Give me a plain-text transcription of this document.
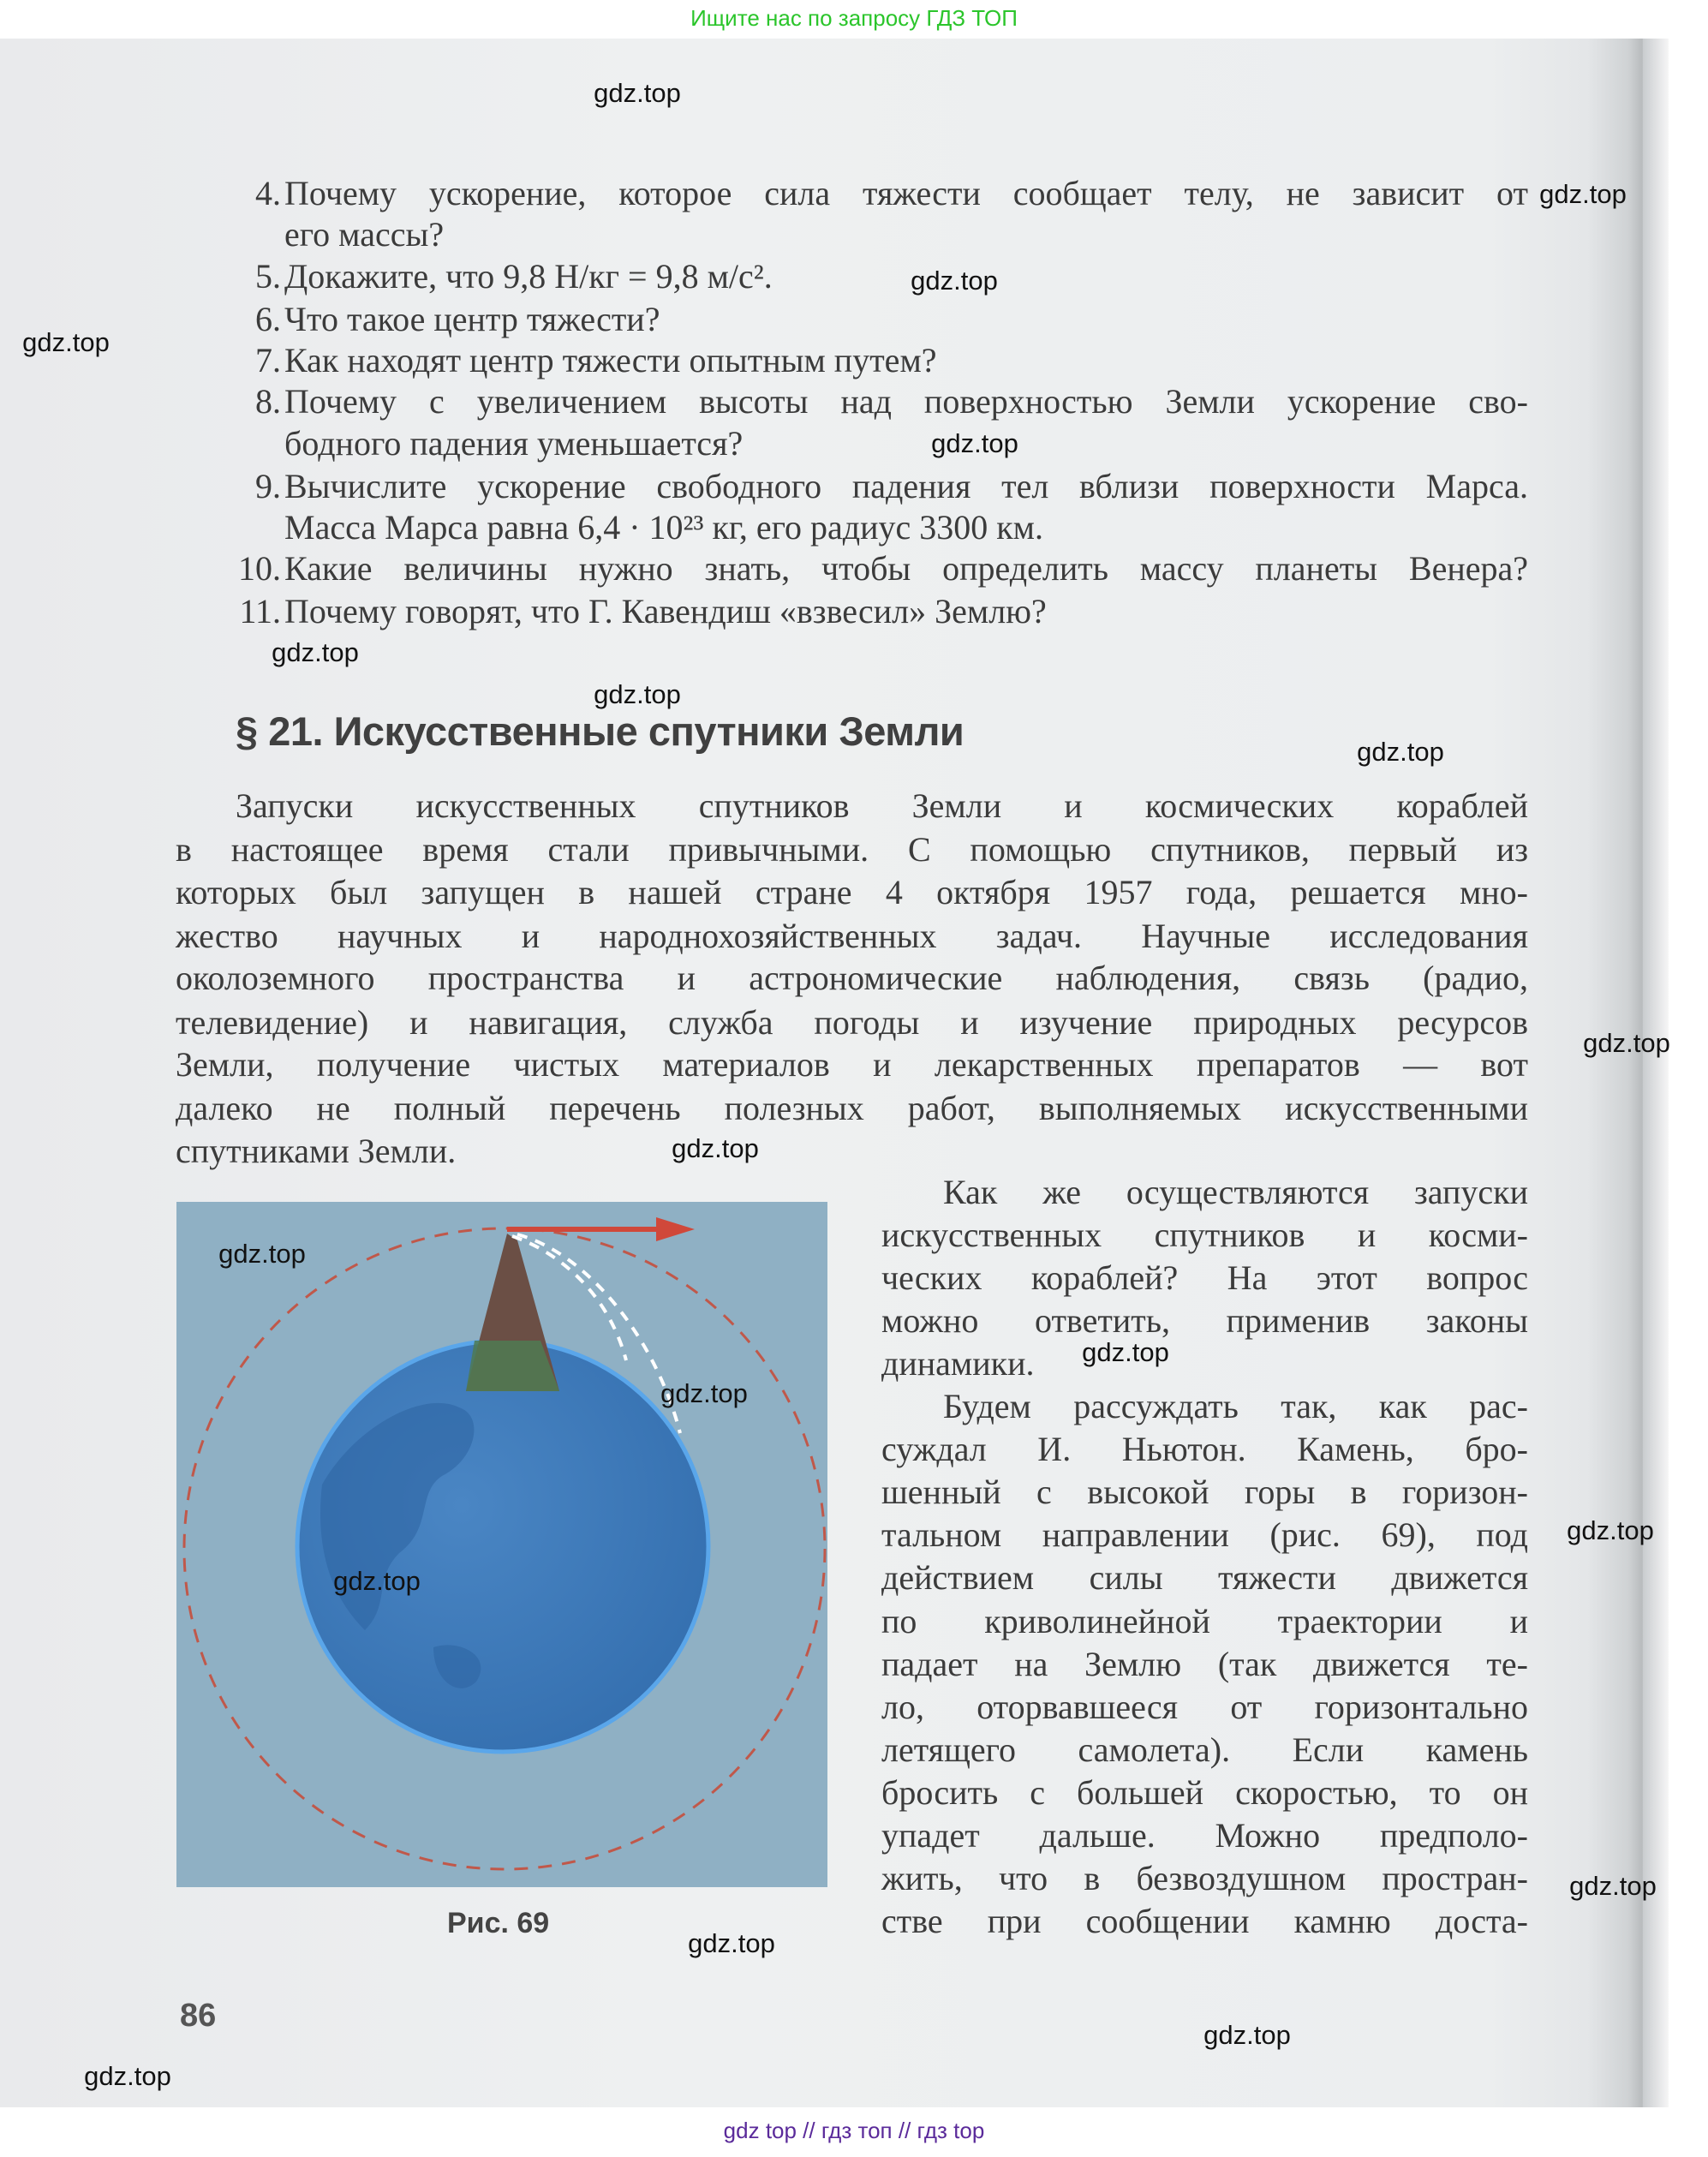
Ищите нас по запросу ГДЗ ТОП
4. Почему ускорение, которое сила тяжести сообщает телу, не зависит от
его массы?
5. Докажите, что 9,8 Н/кг = 9,8 м/с².
6. Что такое центр тяжести?
7. Как находят центр тяжести опытным путем?
8. Почему с увеличением высоты над поверхностью Земли ускорение сво-
бодного падения уменьшается?
9. Вычислите ускорение свободного падения тел вблизи поверхности Марса.
Масса Марса равна 6,4 · 10²³ кг, его радиус 3300 км.
10. Какие величины нужно знать, чтобы определить массу планеты Венера?
11. Почему говорят, что Г. Кавендиш «взвесил» Землю?
§ 21. Искусственные спутники Земли
Запуски искусственных спутников Земли и космических кораблей
в настоящее время стали привычными. С помощью спутников, первый из
которых был запущен в нашей стране 4 октября 1957 года, решается мно-
жество научных и народнохозяйственных задач. Научные исследования
околоземного пространства и астрономические наблюдения, связь (радио,
телевидение) и навигация, служба погоды и изучение природных ресурсов
Земли, получение чистых материалов и лекарственных препаратов — вот
далеко не полный перечень полезных работ, выполняемых искусственными
спутниками Земли.
Рис. 69
Как же осуществляются запуски
искусственных спутников и косми-
ческих кораблей? На этот вопрос
можно ответить, применив законы
динамики.
Будем рассуждать так, как рас-
суждал И. Ньютон. Камень, бро-
шенный с высокой горы в горизон-
тальном направлении (рис. 69), под
действием силы тяжести движется
по криволинейной траектории и
падает на Землю (так движется те-
ло, оторвавшееся от горизонтально
летящего самолета). Если камень
бросить с большей скоростью, то он
упадет дальше. Можно предполо-
жить, что в безвоздушном простран-
стве при сообщении камню доста-
86
gdz.top
gdz.top
gdz.top
gdz.top
gdz.top
gdz.top
gdz.top
gdz.top
gdz.top
gdz.top
gdz.top
gdz.top
gdz.top
gdz.top
gdz.top
gdz.top
gdz.top
gdz.top
gdz.top
gdz top // гдз топ // гдз top
